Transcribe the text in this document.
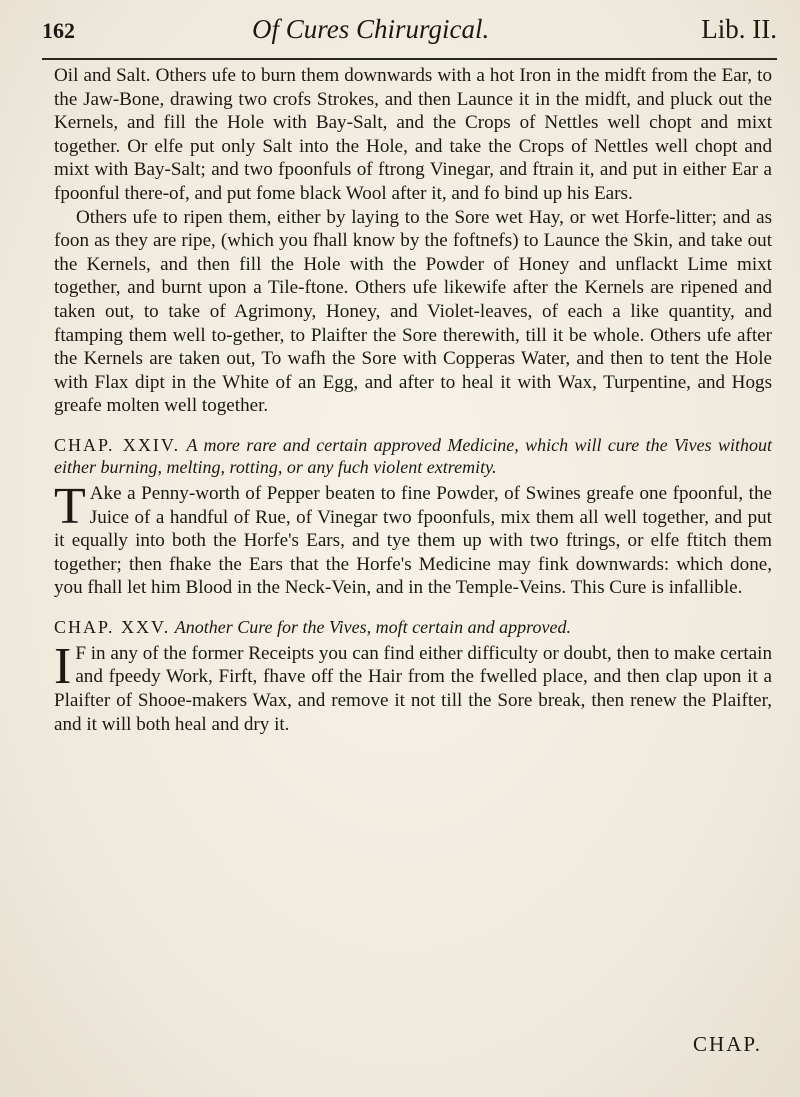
162	Of Cures Chirurgical.	Lib. II.

Oil and Salt. Others ufe to burn them downwards with a hot Iron in the midft from the Ear, to the Jaw-Bone, drawing two crofs Strokes, and then Launce it in the midft, and pluck out the Kernels, and fill the Hole with Bay-Salt, and the Crops of Nettles well chopt and mixt together. Or elfe put only Salt into the Hole, and take the Crops of Nettles well chopt and mixt with Bay-Salt; and two fpoonfuls of ftrong Vinegar, and ftrain it, and put in either Ear a fpoonful there-of, and put fome black Wool after it, and fo bind up his Ears.

Others ufe to ripen them, either by laying to the Sore wet Hay, or wet Horfe-litter; and as foon as they are ripe, (which you fhall know by the foftnefs) to Launce the Skin, and take out the Kernels, and then fill the Hole with the Powder of Honey and unflackt Lime mixt together, and burnt upon a Tile-ftone. Others ufe likewife after the Kernels are ripened and taken out, to take of Agrimony, Honey, and Violet-leaves, of each a like quantity, and ftamping them well to-gether, to Plaifter the Sore therewith, till it be whole. Others ufe after the Kernels are taken out, To wafh the Sore with Copperas Water, and then to tent the Hole with Flax dipt in the White of an Egg, and after to heal it with Wax, Turpentine, and Hogs greafe molten well together.

CHAP. XXIV. A more rare and certain approved Medicine, which will cure the Vives without either burning, melting, rotting, or any fuch violent extremity.

T Ake a Penny-worth of Pepper beaten to fine Powder, of Swines greafe one fpoonful, the Juice of a handful of Rue, of Vinegar two fpoonfuls, mix them all well together, and put it equally into both the Horfe's Ears, and tye them up with two ftrings, or elfe ftitch them together; then fhake the Ears that the Horfe's Medicine may fink downwards: which done, you fhall let him Blood in the Neck-Vein, and in the Temple-Veins. This Cure is infallible.

CHAP. XXV. Another Cure for the Vives, moft certain and approved.

I F in any of the former Receipts you can find either difficulty or doubt, then to make certain and fpeedy Work, Firft, fhave off the Hair from the fwelled place, and then clap upon it a Plaifter of Shooe-makers Wax, and remove it not till the Sore break, then renew the Plaifter, and it will both heal and dry it.

CHAP.
